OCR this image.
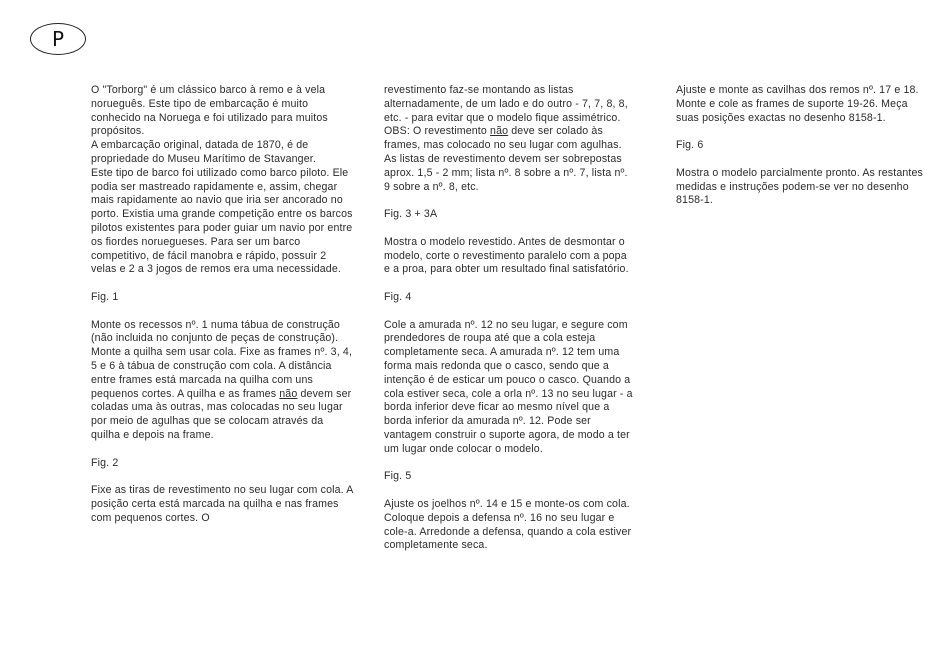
P

O "Torborg" é um clássico barco à remo e à vela norueguês. Este tipo de embarcação é muito conhecido na Noruega e foi utilizado para muitos propósitos.

A embarcação original, datada de 1870, é de propriedade do Museu Marítimo de Stavanger.

Este tipo de barco foi utilizado como barco piloto. Ele podia ser mastreado rapidamente e, assim, chegar mais rapidamente ao navio que iria ser ancorado no porto. Existia uma grande competição entre os barcos pilotos existentes para poder guiar um navio por entre os fiordes noruegueses. Para ser um barco competitivo, de fácil manobra e rápido, possuir 2 velas e 2 a 3 jogos de remos era uma necessidade.

Fig. 1

Monte os recessos nº. 1 numa tábua de construção (não incluida no conjunto de peças de construção). Monte a quilha sem usar cola. Fixe as frames nº. 3, 4, 5 e 6 à tábua de construção com cola. A distância entre frames está marcada na quilha com uns pequenos cortes. A quilha e as frames não devem ser coladas uma às outras, mas colocadas no seu lugar por meio de agulhas que se colocam através da quilha e depois na frame.

Fig. 2

Fixe as tiras de revestimento no seu lugar com cola. A posição certa está marcada na quilha e nas frames com pequenos cortes. O

revestimento faz-se montando as listas alternadamente, de um lado e do outro - 7, 7, 8, 8, etc. - para evitar que o modelo fique assimétrico. OBS: O revestimento não deve ser colado às frames, mas colocado no seu lugar com agulhas.

As listas de revestimento devem ser sobrepostas aprox. 1,5 - 2 mm; lista nº. 8 sobre a nº. 7, lista nº. 9 sobre a nº. 8, etc.

Fig. 3 + 3A

Mostra o modelo revestido. Antes de desmontar o modelo, corte o revestimento paralelo com a popa e a proa, para obter um resultado final satisfatório.

Fig. 4

Cole a amurada nº. 12 no seu lugar, e segure com prendedores de roupa até que a cola esteja completamente seca. A amurada nº. 12 tem uma forma mais redonda que o casco, sendo que a intenção é de esticar um pouco o casco. Quando a cola estiver seca, cole a orla nº. 13 no seu lugar - a borda inferior deve ficar ao mesmo nível que a borda inferior da amurada nº. 12. Pode ser vantagem construir o suporte agora, de modo a ter um lugar onde colocar o modelo.

Fig. 5

Ajuste os joelhos nº. 14 e 15 e monte-os com cola. Coloque depois a defensa nº. 16 no seu lugar e cole-a. Arredonde a defensa, quando a cola estiver completamente seca.

Ajuste e monte as cavilhas dos remos nº. 17 e 18. Monte e cole as frames de suporte 19-26. Meça suas posições exactas no desenho 8158-1.

Fig. 6

Mostra o modelo parcialmente pronto. As restantes medidas e instruções podem-se ver no desenho 8158-1.
